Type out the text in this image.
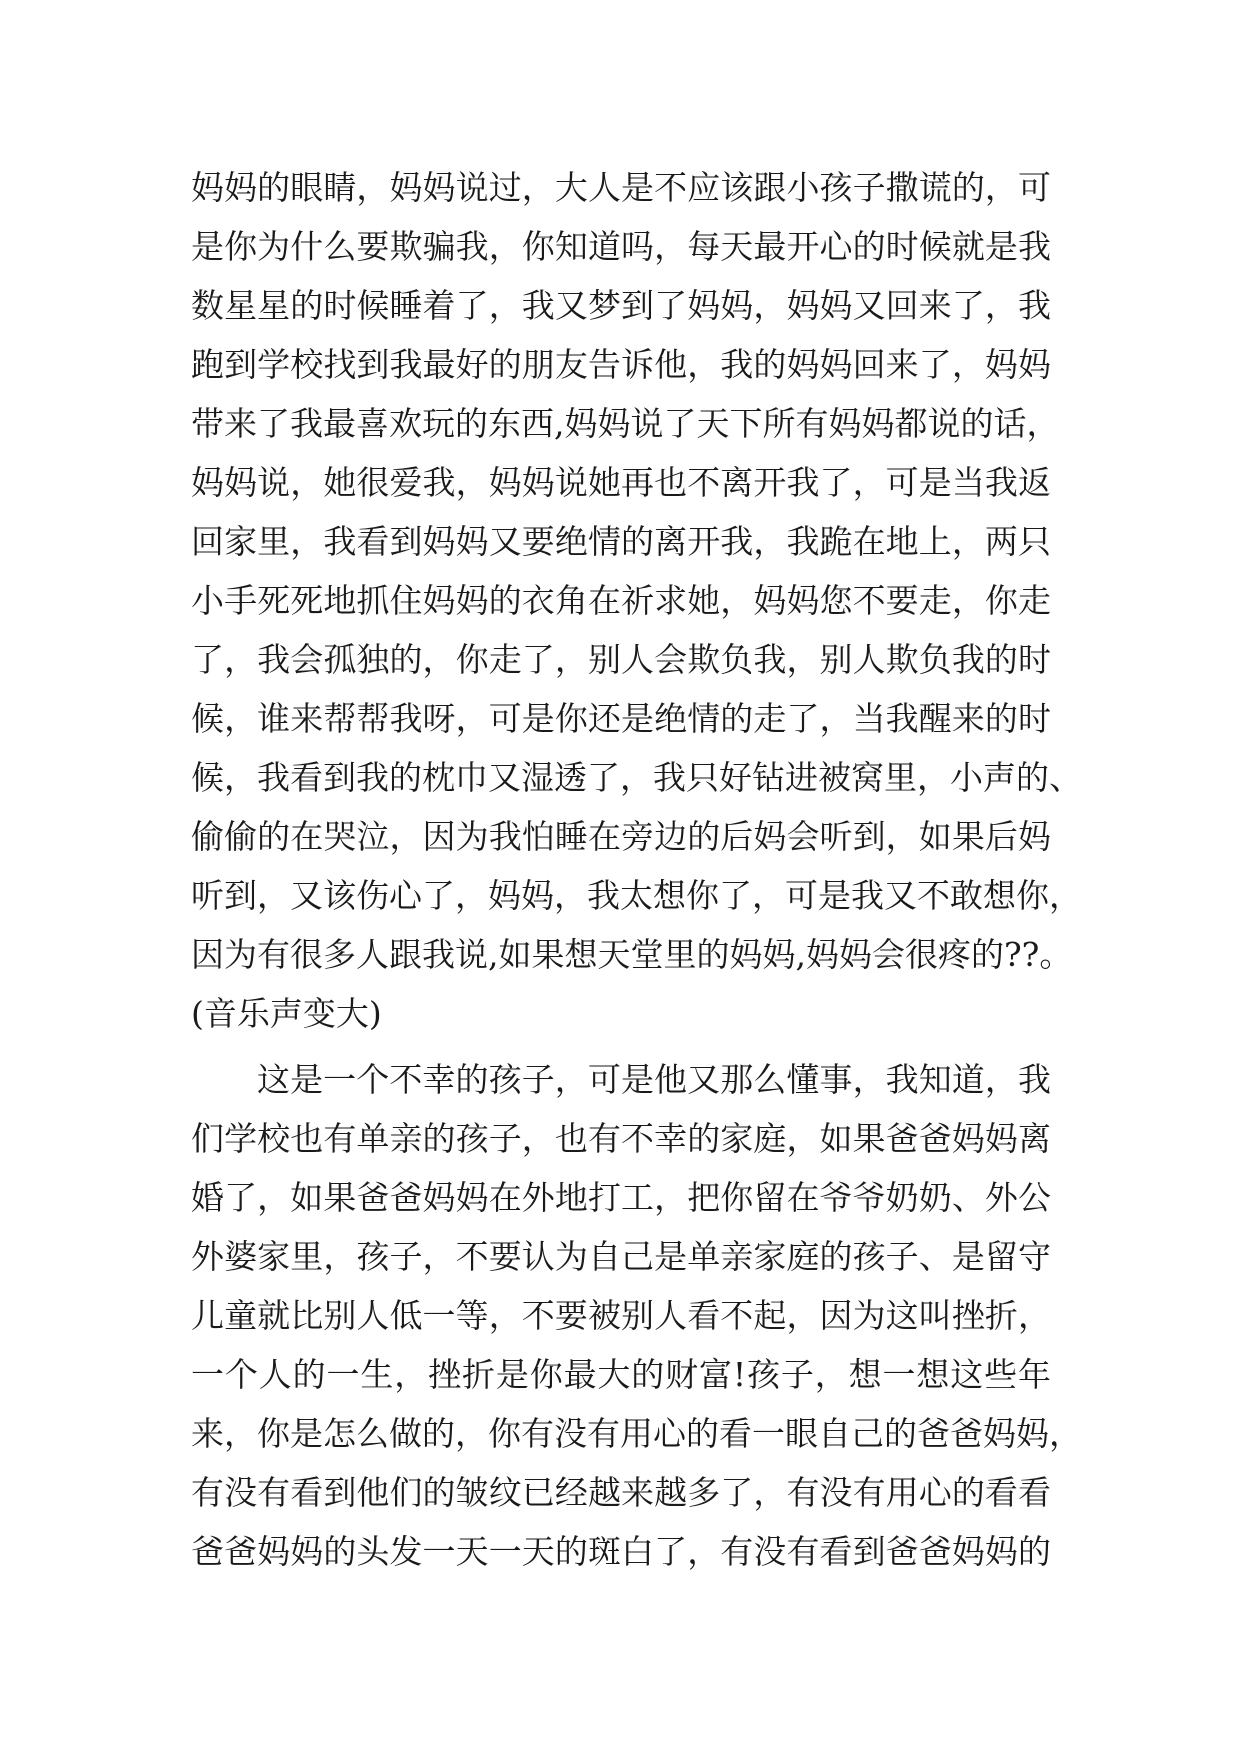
妈妈的眼睛，妈妈说过，大人是不应该跟小孩子撒谎的，可
是你为什么要欺骗我，你知道吗，每天最开心的时候就是我
数星星的时候睡着了，我又梦到了妈妈，妈妈又回来了，我
跑到学校找到我最好的朋友告诉他，我的妈妈回来了，妈妈
带来了我最喜欢玩的东西,妈妈说了天下所有妈妈都说的话，
妈妈说，她很爱我，妈妈说她再也不离开我了，可是当我返
回家里，我看到妈妈又要绝情的离开我，我跪在地上，两只
小手死死地抓住妈妈的衣角在祈求她，妈妈您不要走，你走
了，我会孤独的，你走了，别人会欺负我，别人欺负我的时
候，谁来帮帮我呀，可是你还是绝情的走了，当我醒来的时
候，我看到我的枕巾又湿透了，我只好钻进被窝里，小声的、
偷偷的在哭泣，因为我怕睡在旁边的后妈会听到，如果后妈
听到，又该伤心了，妈妈，我太想你了，可是我又不敢想你，
因为有很多人跟我说,如果想天堂里的妈妈,妈妈会很疼的??。
(音乐声变大)
这是一个不幸的孩子，可是他又那么懂事，我知道，我
们学校也有单亲的孩子，也有不幸的家庭，如果爸爸妈妈离
婚了，如果爸爸妈妈在外地打工，把你留在爷爷奶奶、外公
外婆家里，孩子，不要认为自己是单亲家庭的孩子、是留守
儿童就比别人低一等，不要被别人看不起，因为这叫挫折，
一个人的一生，挫折是你最大的财富!孩子，想一想这些年
来，你是怎么做的，你有没有用心的看一眼自己的爸爸妈妈，
有没有看到他们的皱纹已经越来越多了，有没有用心的看看
爸爸妈妈的头发一天一天的斑白了，有没有看到爸爸妈妈的
